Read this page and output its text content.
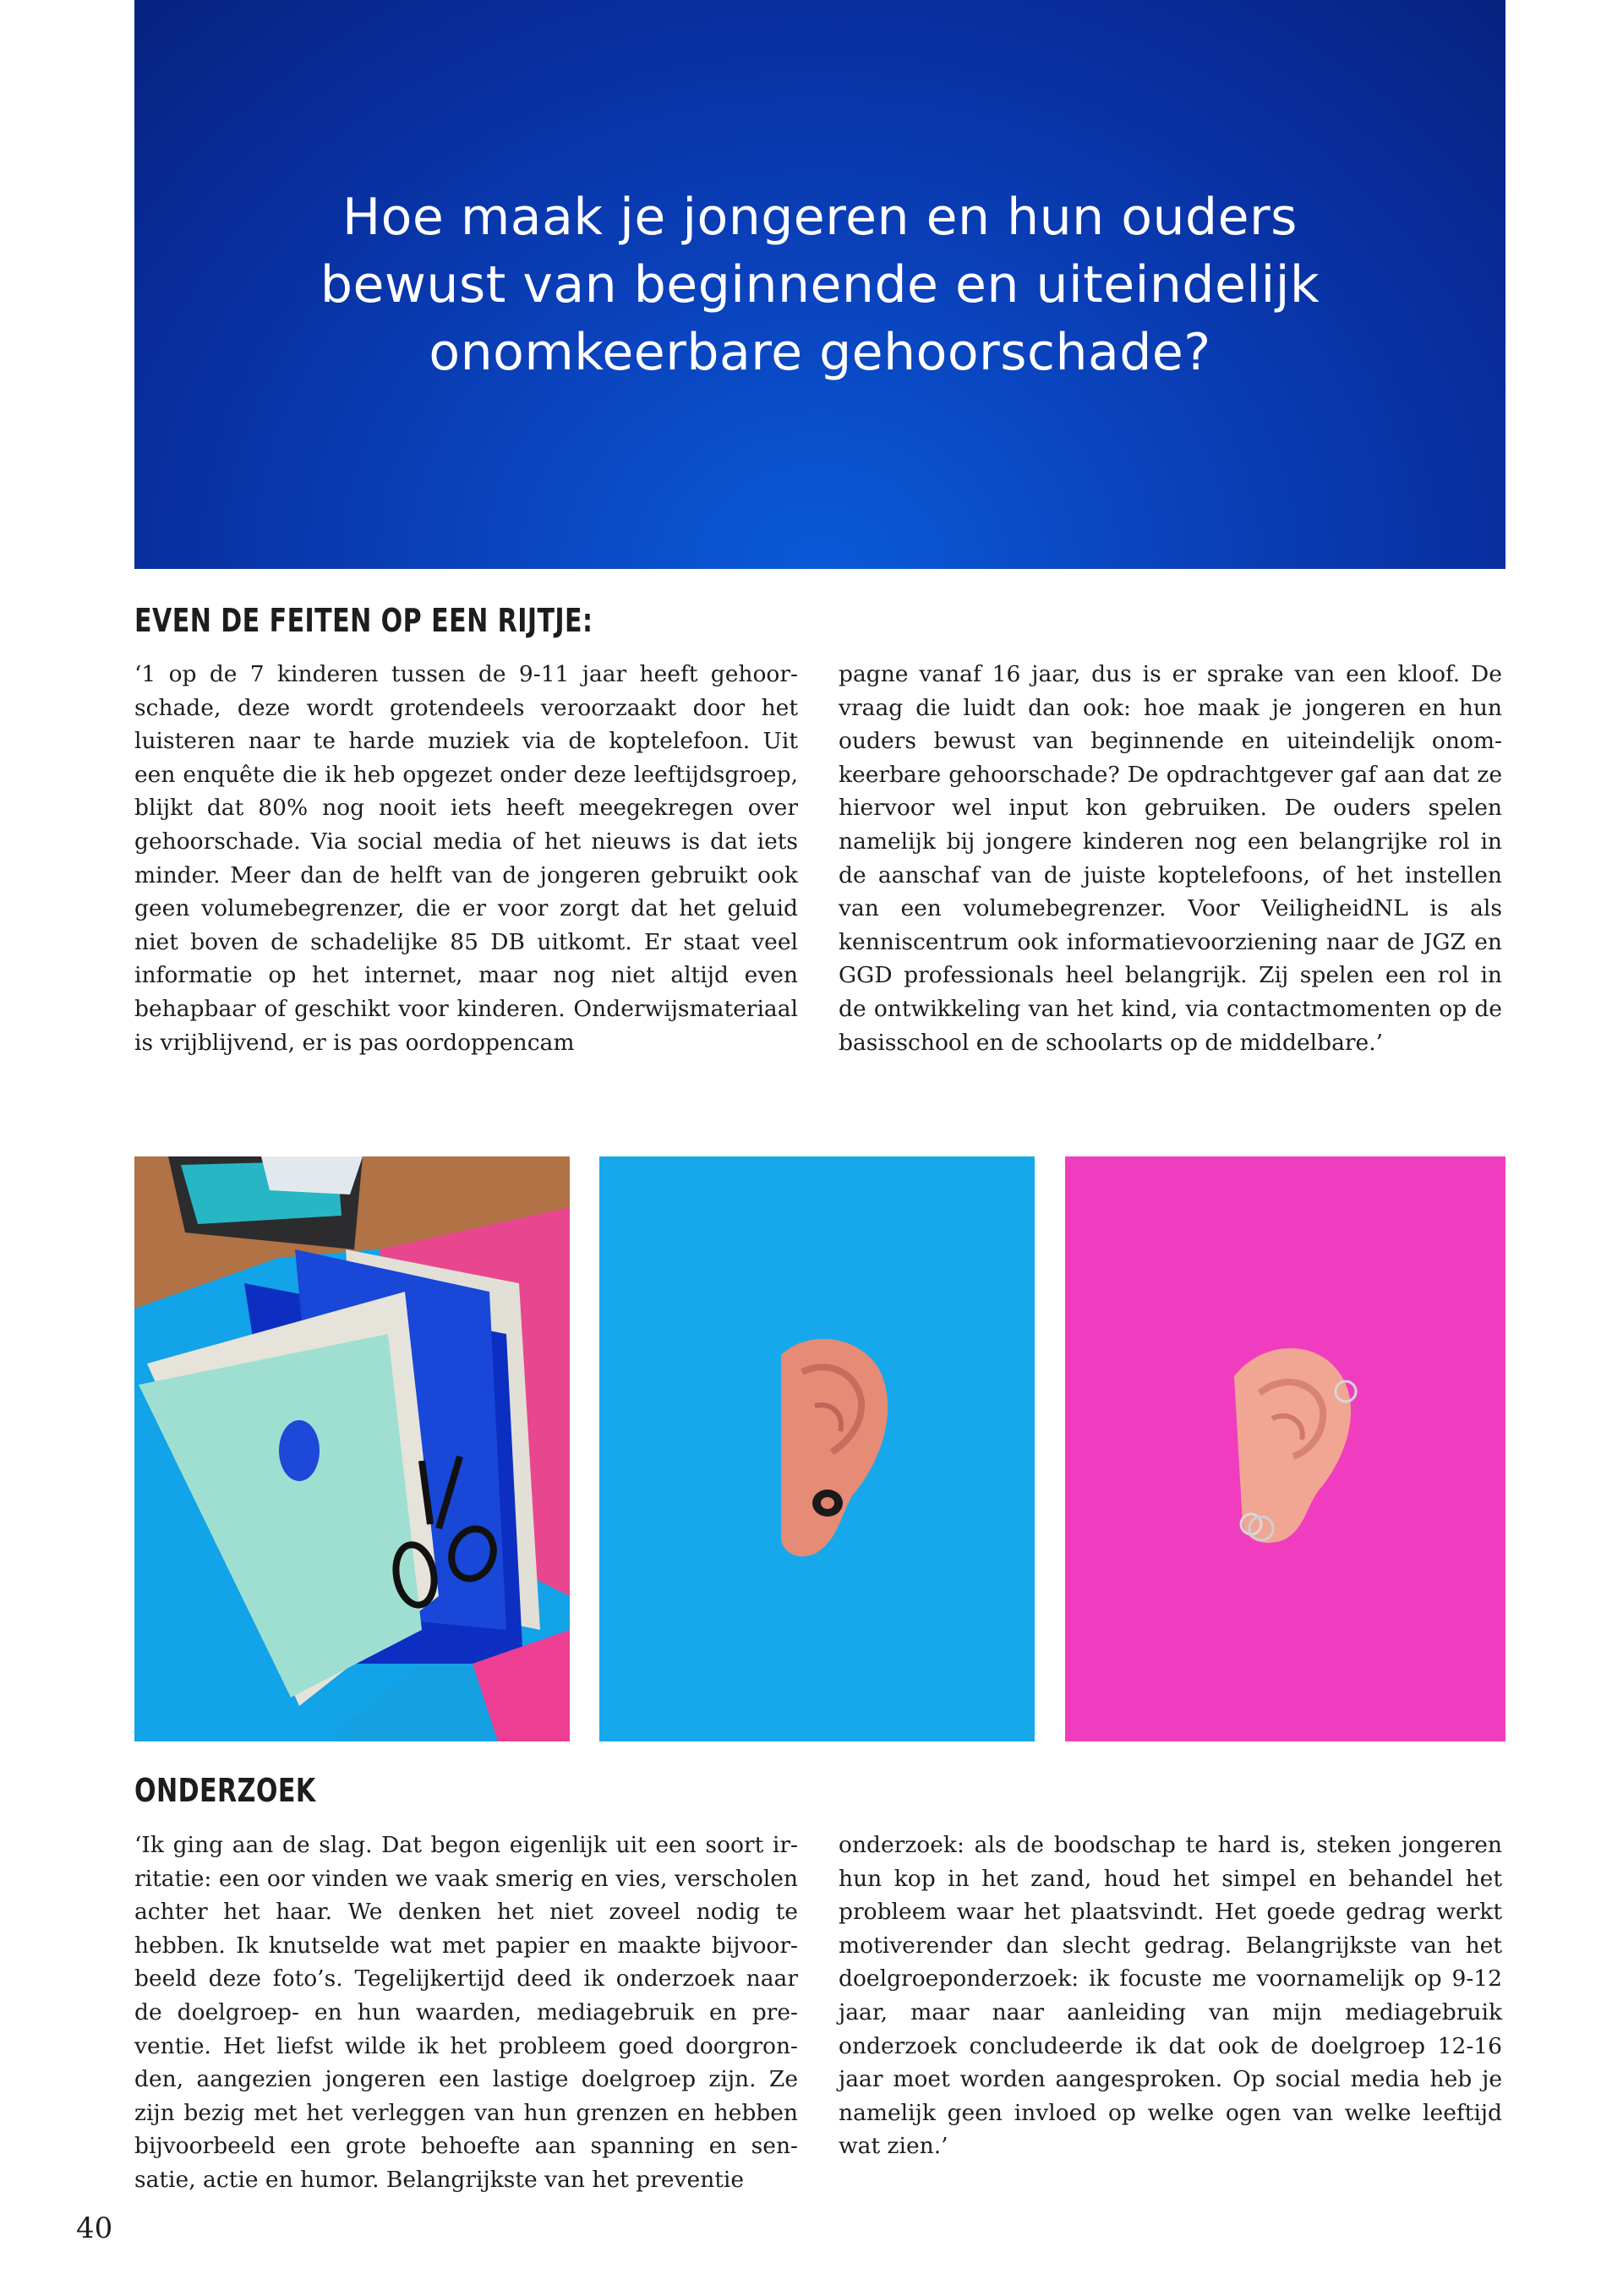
Hoe maak je jongeren en hun ouders
bewust van beginnende en uiteindelijk
onomkeerbare gehoorschade?
EVEN DE FEITEN OP EEN RIJTJE:

‘1 op de 7 kinderen tussen de 9-11 jaar heeft gehoorschade, deze wordt grotendeels veroorzaakt door het luisteren naar te harde muziek via de koptelefoon. Uit een enquête die ik heb opgezet onder deze leeftijdsgroep, blijkt dat 80% nog nooit iets heeft meegekregen over gehoorschade. Via social media of het nieuws is dat iets minder. Meer dan de helft van de jongeren gebruikt ook geen volumebegrenzer, die er voor zorgt dat het geluid niet boven de schadelijke 85 DB uitkomt. Er staat veel informatie op het internet, maar nog niet altijd even behapbaar of geschikt voor kinderen. Onderwijsmateriaal is vrijblijvend, er is pas oordoppencam

pagne vanaf 16 jaar, dus is er sprake van een kloof. De vraag die luidt dan ook: hoe maak je jongeren en hun ouders bewust van beginnende en uiteindelijk onomkeerbare gehoorschade? De opdrachtgever gaf aan dat ze hiervoor wel input kon gebruiken. De ouders spelen namelijk bij jongere kinderen nog een belangrijke rol in de aanschaf van de juiste koptelefoons, of het instellen van een volumebegrenzer. Voor VeiligheidNL is als kenniscentrum ook informatievoorziening naar de JGZ en GGD professionals heel belangrijk. Zij spelen een rol in de ontwikkeling van het kind, via contactmomenten op de basisschool en de schoolarts op de middelbare.’

ONDERZOEK

‘Ik ging aan de slag. Dat begon eigenlijk uit een soort irritatie: een oor vinden we vaak smerig en vies, verscholen achter het haar. We denken het niet zoveel nodig te hebben. Ik knutselde wat met papier en maakte bijvoorbeeld deze foto’s. Tegelijkertijd deed ik onderzoek naar de doelgroep- en hun waarden, mediagebruik en preventie. Het liefst wilde ik het probleem goed doorgronden, aangezien jongeren een lastige doelgroep zijn. Ze zijn bezig met het verleggen van hun grenzen en hebben bijvoorbeeld een grote behoefte aan spanning en sensatie, actie en humor. Belangrijkste van het preventie

onderzoek: als de boodschap te hard is, steken jongeren hun kop in het zand, houd het simpel en behandel het probleem waar het plaatsvindt. Het goede gedrag werkt motiverender dan slecht gedrag. Belangrijkste van het doelgroeponderzoek: ik focuste me voornamelijk op 9-12 jaar, maar naar aanleiding van mijn mediagebruik onderzoek concludeerde ik dat ook de doelgroep 12-16 jaar moet worden aangesproken. Op social media heb je namelijk geen invloed op welke ogen van welke leeftijd wat zien.’

40
